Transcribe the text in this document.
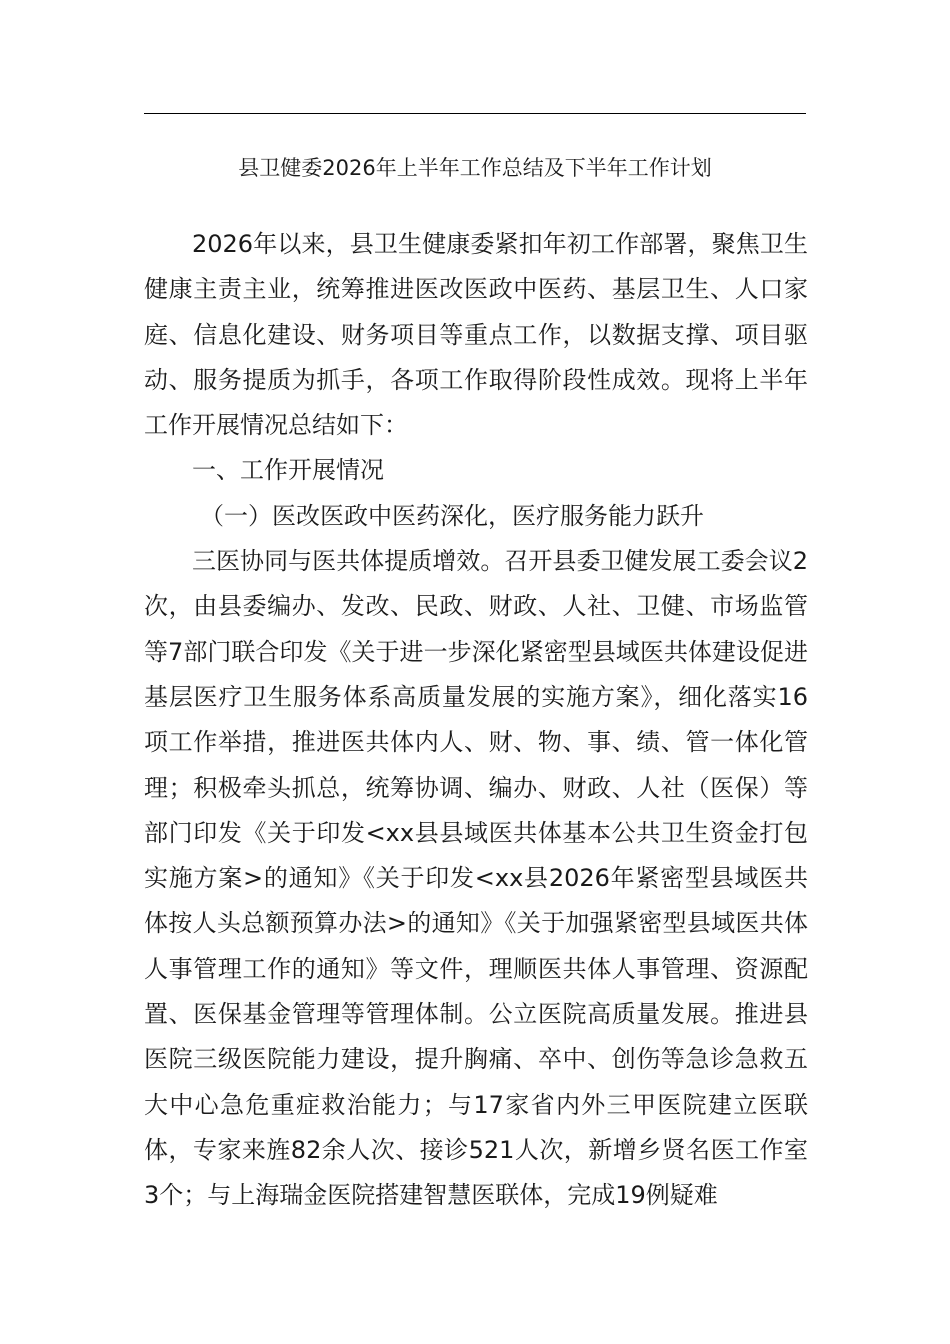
县卫健委2026年上半年工作总结及下半年工作计划

2026年以来，县卫生健康委紧扣年初工作部署，聚焦卫生健康主责主业，统筹推进医改医政中医药、基层卫生、人口家庭、信息化建设、财务项目等重点工作，以数据支撑、项目驱动、服务提质为抓手，各项工作取得阶段性成效。现将上半年工作开展情况总结如下：

一、工作开展情况

（一）医改医政中医药深化，医疗服务能力跃升

三医协同与医共体提质增效。召开县委卫健发展工委会议2次，由县委编办、发改、民政、财政、人社、卫健、市场监管等7部门联合印发《关于进一步深化紧密型县域医共体建设促进基层医疗卫生服务体系高质量发展的实施方案》，细化落实16项工作举措，推进医共体内人、财、物、事、绩、管一体化管理；积极牵头抓总，统筹协调、编办、财政、人社（医保）等部门印发《关于印发<xx县县域医共体基本公共卫生资金打包实施方案>的通知》《关于印发<xx县2026年紧密型县域医共体按人头总额预算办法>的通知》《关于加强紧密型县域医共体人事管理工作的通知》等文件，理顺医共体人事管理、资源配置、医保基金管理等管理体制。公立医院高质量发展。推进县医院三级医院能力建设，提升胸痛、卒中、创伤等急诊急救五大中心急危重症救治能力；与17家省内外三甲医院建立医联体，专家来旌82余人次、接诊521人次，新增乡贤名医工作室3个；与上海瑞金医院搭建智慧医联体，完成19例疑难
